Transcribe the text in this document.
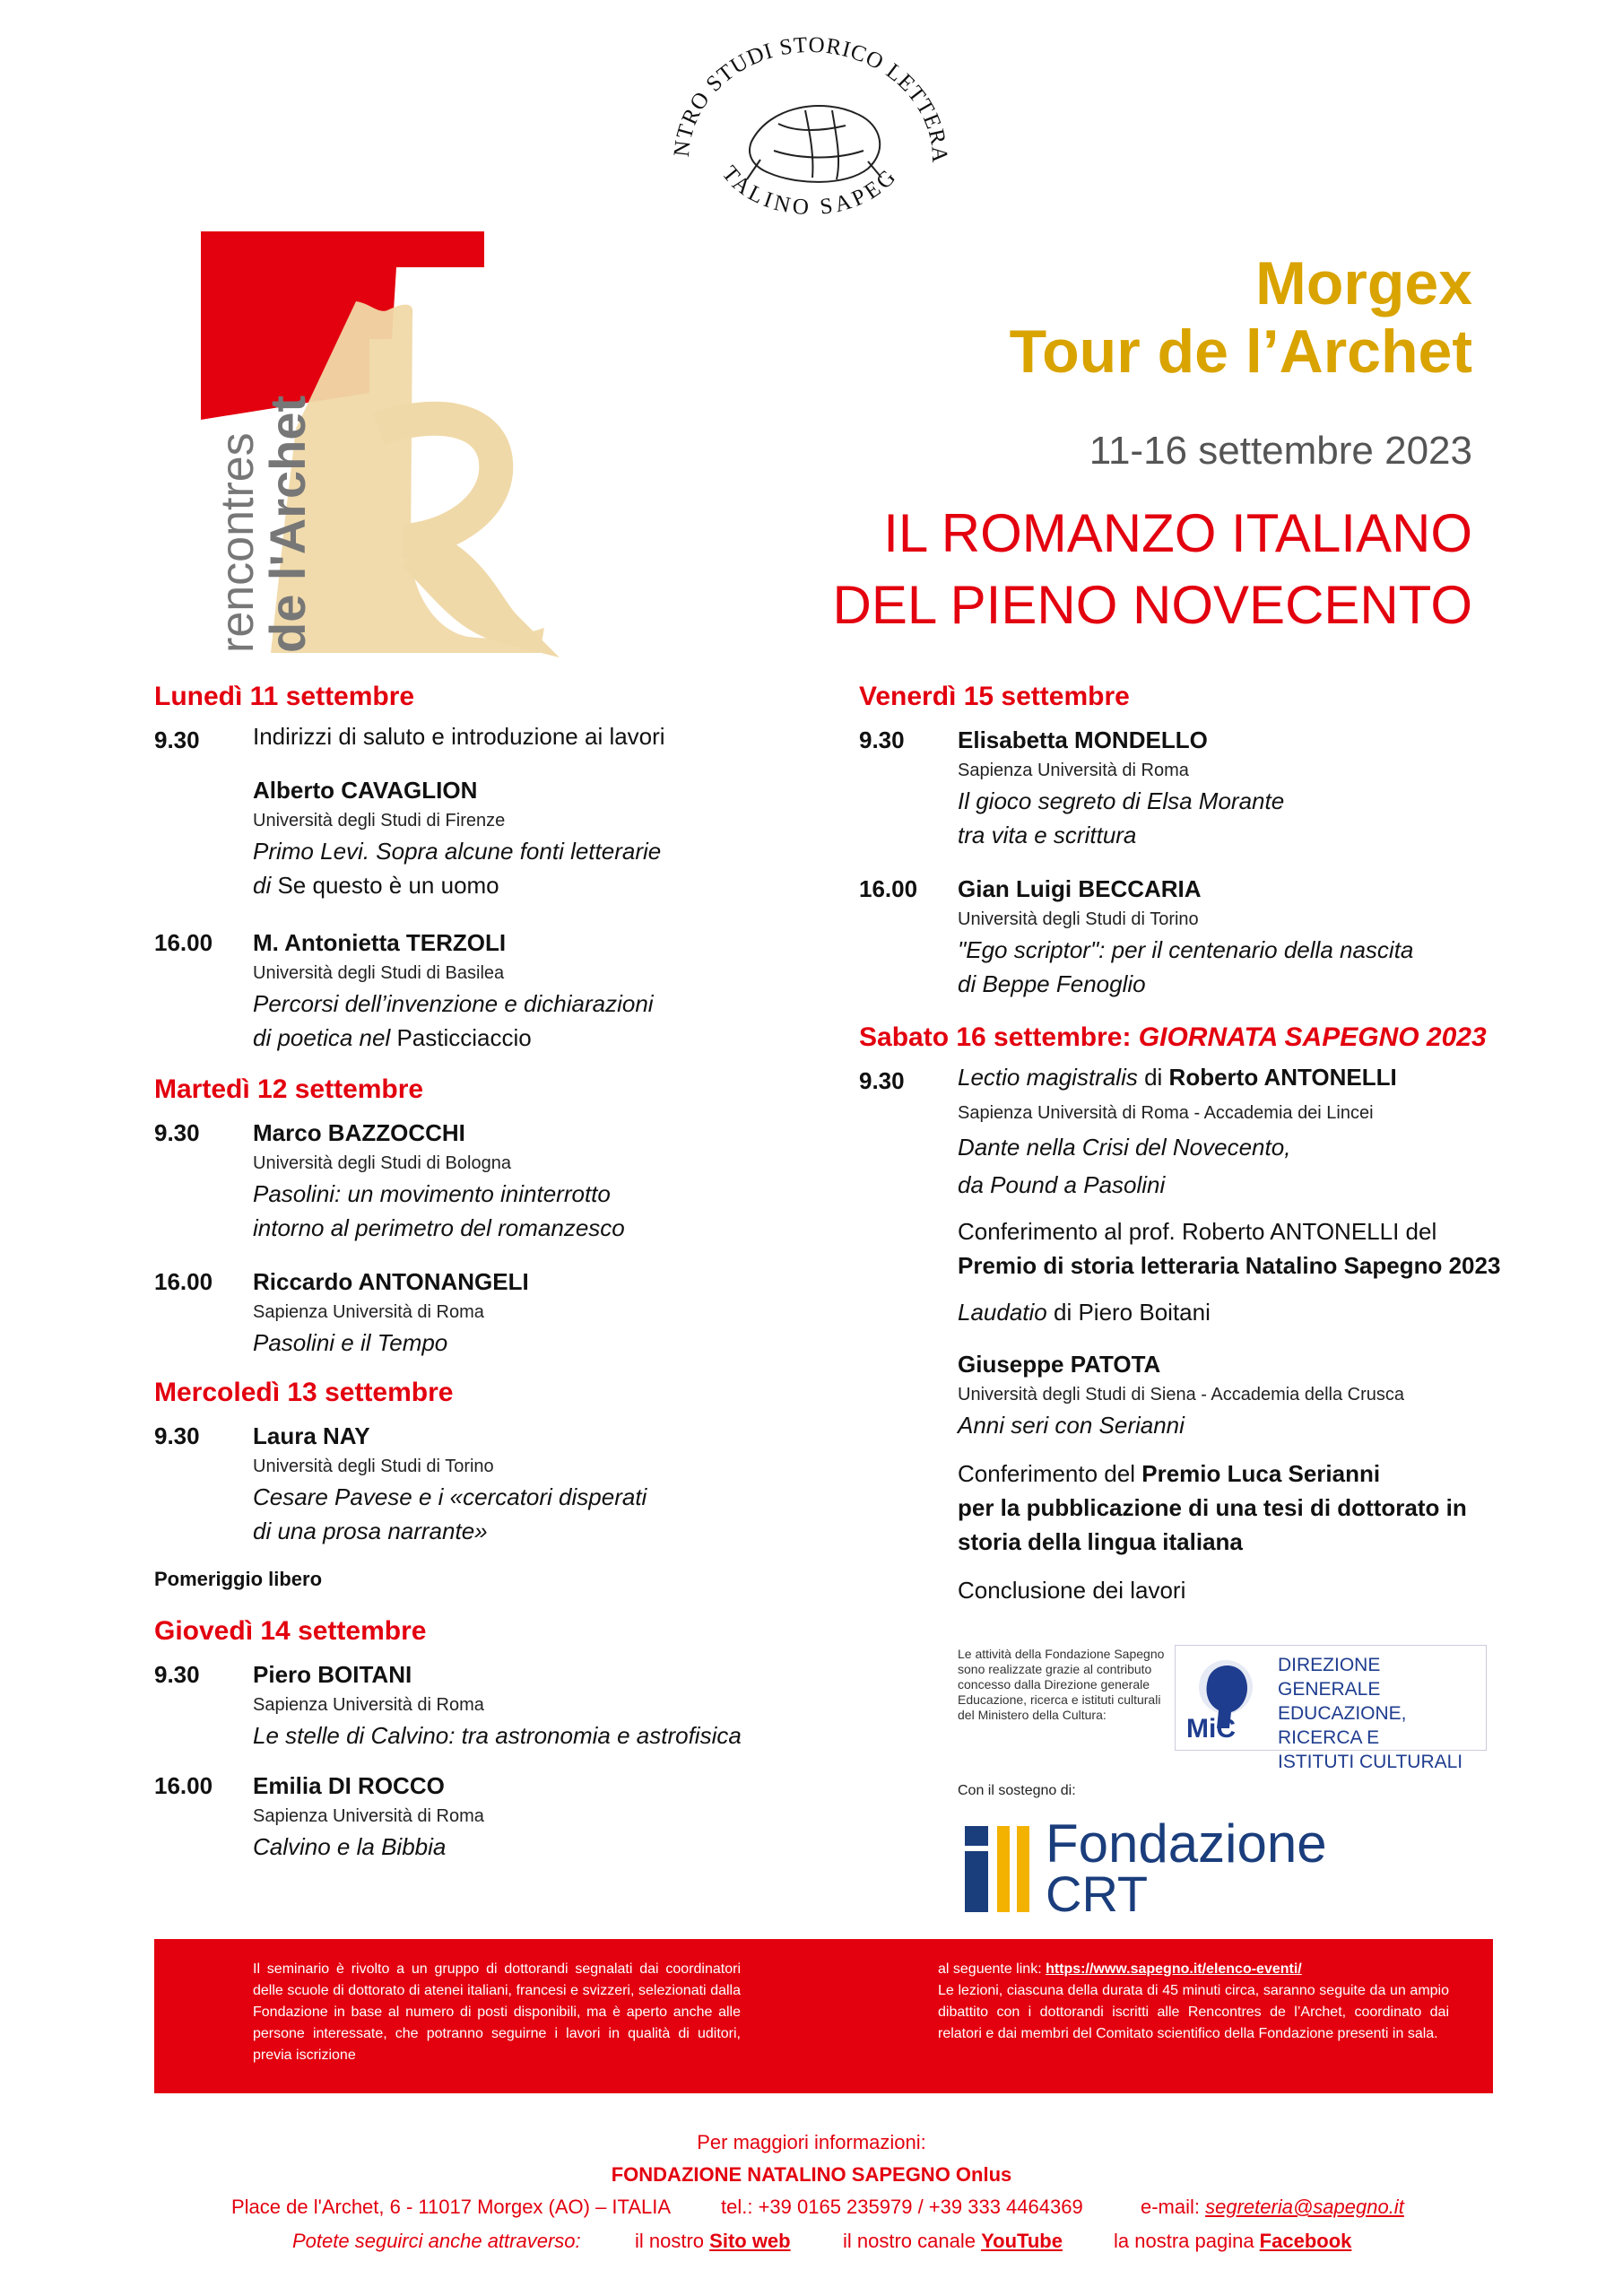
NTRO STUDI STORICO LETTERA
TALINO SAPEG
rencontres
de l'Archet
Morgex
Tour de l’Archet
11-16 settembre 2023
IL ROMANZO ITALIANO
DEL PIENO NOVECENTO
Lunedì 11 settembre
9.30	Indirizzi di saluto e introduzione ai lavori
Alberto CAVAGLION
Università degli Studi di Firenze
Primo Levi. Sopra alcune fonti letterarie
di Se questo è un uomo
16.00	M. Antonietta TERZOLI
Università degli Studi di Basilea
Percorsi dell’invenzione e dichiarazioni
di poetica nel Pasticciaccio
Martedì 12 settembre
9.30	Marco BAZZOCCHI
Università degli Studi di Bologna
Pasolini: un movimento ininterrotto
intorno al perimetro del romanzesco
16.00	Riccardo ANTONANGELI
Sapienza Università di Roma
Pasolini e il Tempo
Mercoledì 13 settembre
9.30	Laura NAY
Università degli Studi di Torino
Cesare Pavese e i «cercatori disperati
di una prosa narrante»
Pomeriggio libero
Giovedì 14 settembre
9.30	Piero BOITANI
Sapienza Università di Roma
Le stelle di Calvino: tra astronomia e astrofisica
16.00	Emilia DI ROCCO
Sapienza Università di Roma
Calvino e la Bibbia
Venerdì 15 settembre
9.30	Elisabetta MONDELLO
Sapienza Università di Roma
Il gioco segreto di Elsa Morante
tra vita e scrittura
16.00	Gian Luigi BECCARIA
Università degli Studi di Torino
"Ego scriptor": per il centenario della nascita
di Beppe Fenoglio
Sabato 16 settembre: GIORNATA SAPEGNO 2023
9.30	Lectio magistralis di Roberto ANTONELLI
Sapienza Università di Roma - Accademia dei Lincei
Dante nella Crisi del Novecento,
da Pound a Pasolini
Conferimento al prof. Roberto ANTONELLI del
Premio di storia letteraria Natalino Sapegno 2023
Laudatio di Piero Boitani
Giuseppe PATOTA
Università degli Studi di Siena - Accademia della Crusca
Anni seri con Serianni
Conferimento del Premio Luca Serianni
per la pubblicazione di una tesi di dottorato in
storia della lingua italiana
Conclusione dei lavori
Le attività della Fondazione Sapegno sono realizzate grazie al contributo concesso dalla Direzione generale Educazione, ricerca e istituti culturali del Ministero della Cultura:	MiC
DIREZIONE GENERALE
EDUCAZIONE,
RICERCA E
ISTITUTI CULTURALI
Con il sostegno di:
Fondazione
CRT
Il seminario è rivolto a un gruppo di dottorandi segnalati dai coordinatori delle scuole di dottorato di atenei italiani, francesi e svizzeri, selezionati dalla Fondazione in base al numero di posti disponibili, ma è aperto anche alle persone interessate, che potranno seguirne i lavori in qualità di uditori, previa iscrizione
al seguente link: https://www.sapegno.it/elenco-eventi/
Le lezioni, ciascuna della durata di 45 minuti circa, saranno seguite da un ampio dibattito con i dottorandi iscritti alle Rencontres de l’Archet, coordinato dai relatori e dai membri del Comitato scientifico della Fondazione presenti in sala.
Per maggiori informazioni:
FONDAZIONE NATALINO SAPEGNO Onlus
Place de l'Archet, 6 - 11017 Morgex (AO) – ITALIA	tel.: +39 0165 235979 / +39 333 4464369	e-mail: segreteria@sapegno.it
Potete seguirci anche attraverso:	il nostro Sito web	il nostro canale YouTube	la nostra pagina Facebook
